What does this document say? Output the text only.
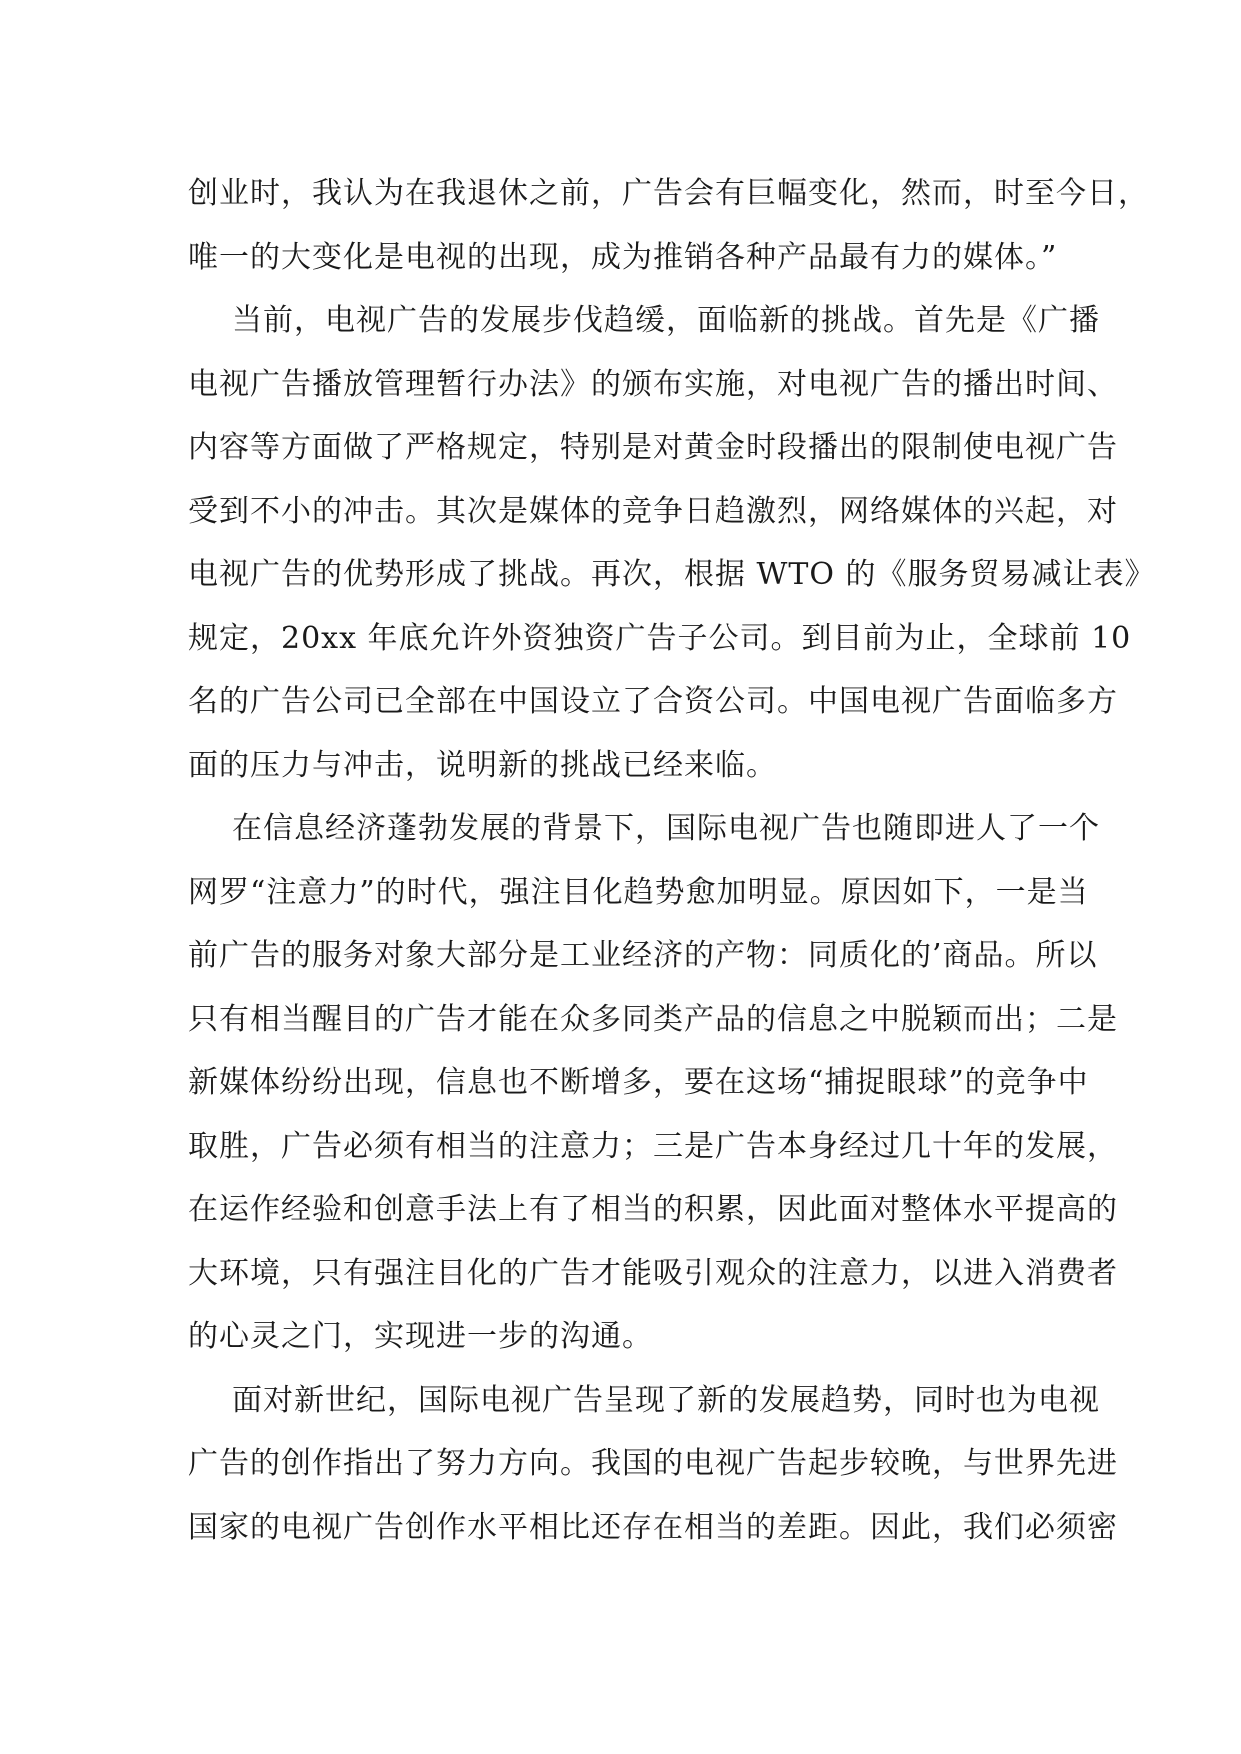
创业时，我认为在我退休之前，广告会有巨幅变化，然而，时至今日，
唯一的大变化是电视的出现，成为推销各种产品最有力的媒体。”
当前，电视广告的发展步伐趋缓，面临新的挑战。首先是《广播
电视广告播放管理暂行办法》的颁布实施，对电视广告的播出时间、
内容等方面做了严格规定，特别是对黄金时段播出的限制使电视广告
受到不小的冲击。其次是媒体的竞争日趋激烈，网络媒体的兴起，对
电视广告的优势形成了挑战。再次，根据 WTO 的《服务贸易减让表》
规定，20xx 年底允许外资独资广告子公司。到目前为止，全球前 10
名的广告公司已全部在中国设立了合资公司。中国电视广告面临多方
面的压力与冲击，说明新的挑战已经来临。
在信息经济蓬勃发展的背景下，国际电视广告也随即进人了一个
网罗“注意力”的时代，强注目化趋势愈加明显。原因如下，一是当
前广告的服务对象大部分是工业经济的产物：同质化的’商品。所以
只有相当醒目的广告才能在众多同类产品的信息之中脱颖而出；二是
新媒体纷纷出现，信息也不断增多，要在这场“捕捉眼球”的竞争中
取胜，广告必须有相当的注意力；三是广告本身经过几十年的发展，
在运作经验和创意手法上有了相当的积累，因此面对整体水平提高的
大环境，只有强注目化的广告才能吸引观众的注意力，以进入消费者
的心灵之门，实现进一步的沟通。
面对新世纪，国际电视广告呈现了新的发展趋势，同时也为电视
广告的创作指出了努力方向。我国的电视广告起步较晚，与世界先进
国家的电视广告创作水平相比还存在相当的差距。因此，我们必须密
